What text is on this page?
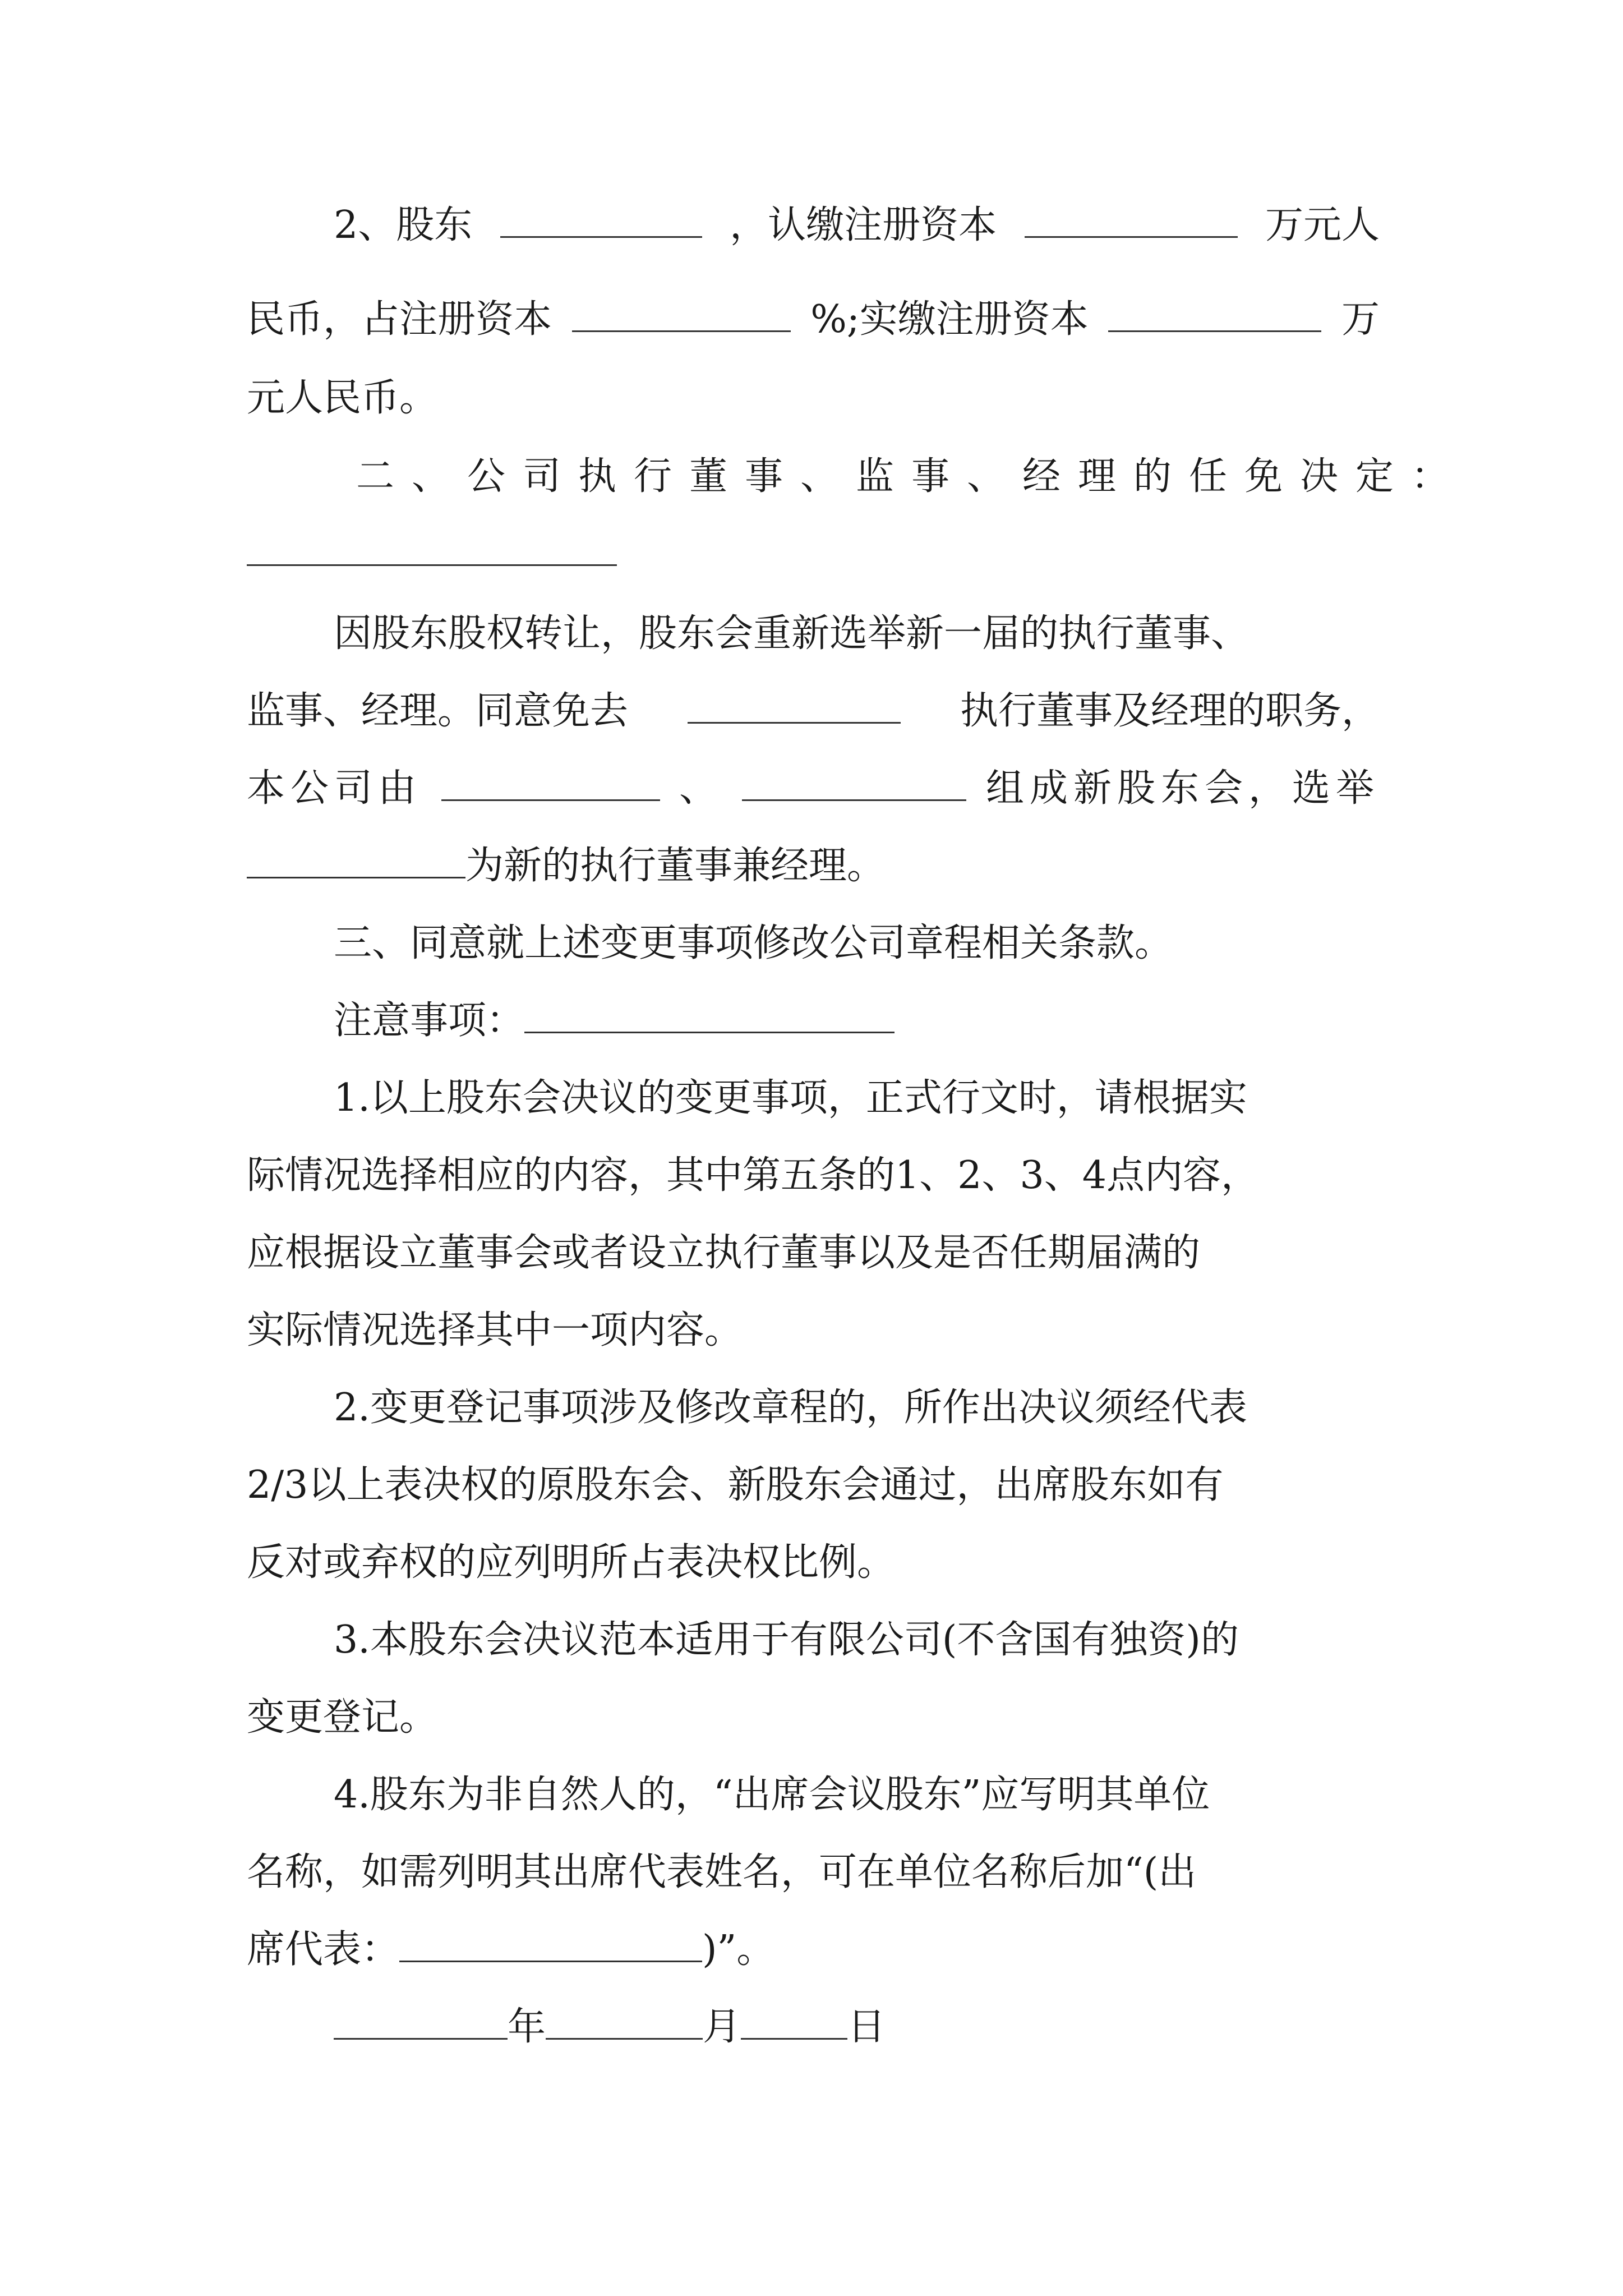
2、股东	，认缴注册资本	万元人
民币，占注册资本	%;实缴注册资本	万
元人民币。
二、公司执行董事、监事、经理的任免决定：
因股东股权转让，股东会重新选举新一届的执行董事、
监事、经理。同意免去	执行董事及经理的职务，
本公司由	、	组成新股东会，选举
为新的执行董事兼经理。
三、同意就上述变更事项修改公司章程相关条款。
注意事项：
1.以上股东会决议的变更事项，正式行文时，请根据实
际情况选择相应的内容，其中第五条的1、2、3、4点内容，
应根据设立董事会或者设立执行董事以及是否任期届满的
实际情况选择其中一项内容。
2.变更登记事项涉及修改章程的，所作出决议须经代表
2/3以上表决权的原股东会、新股东会通过，出席股东如有
反对或弃权的应列明所占表决权比例。
3.本股东会决议范本适用于有限公司(不含国有独资)的
变更登记。
4.股东为非自然人的，“出席会议股东”应写明其单位
名称，如需列明其出席代表姓名，可在单位名称后加“(出
席代表：	)”。
年	月	日
